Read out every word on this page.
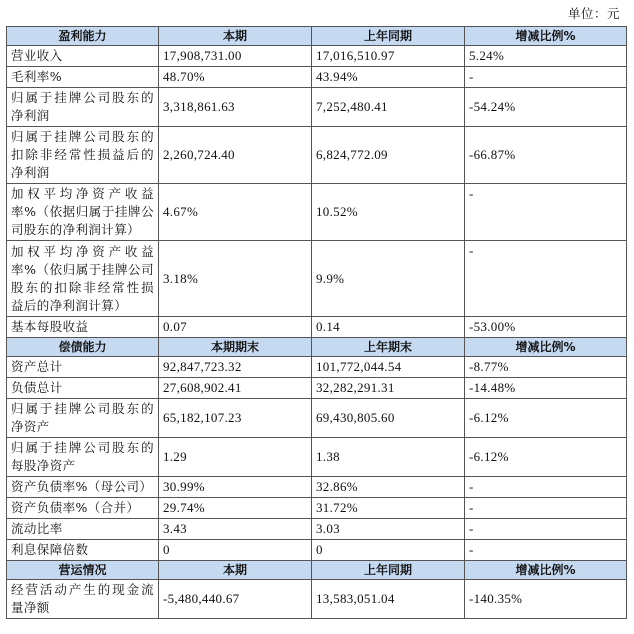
单位：元
盈利能力	本期	上年同期	增减比例%
营业收入	17,908,731.00	17,016,510.97	5.24%
毛利率%	48.70%	43.94%	-

归属于挂牌公司股东的
净利润	3,318,861.63	7,252,480.41	-54.24%

归属于挂牌公司股东的
扣除非经常性损益后的
净利润	2,260,724.40	6,824,772.09	-66.87%

加权平均净资产收益
率%（依据归属于挂牌公
司股东的净利润计算）	4.67%	10.52%	-

加权平均净资产收益
率%（依归属于挂牌公司
股东的扣除非经常性损
益后的净利润计算）	3.18%	9.9%	-
基本每股收益	0.07	0.14	-53.00%
偿债能力	本期期末	上年期末	增减比例%
资产总计	92,847,723.32	101,772,044.54	-8.77%
负债总计	27,608,902.41	32,282,291.31	-14.48%

归属于挂牌公司股东的
净资产	65,182,107.23	69,430,805.60	-6.12%

归属于挂牌公司股东的
每股净资产	1.29	1.38	-6.12%
资产负债率%（母公司）	30.99%	32.86%	-
资产负债率%（合并）	29.74%	31.72%	-
流动比率	3.43	3.03	-
利息保障倍数	0	0	-
营运情况	本期	上年同期	增减比例%

经营活动产生的现金流
量净额	-5,480,440.67	13,583,051.04	-140.35%
